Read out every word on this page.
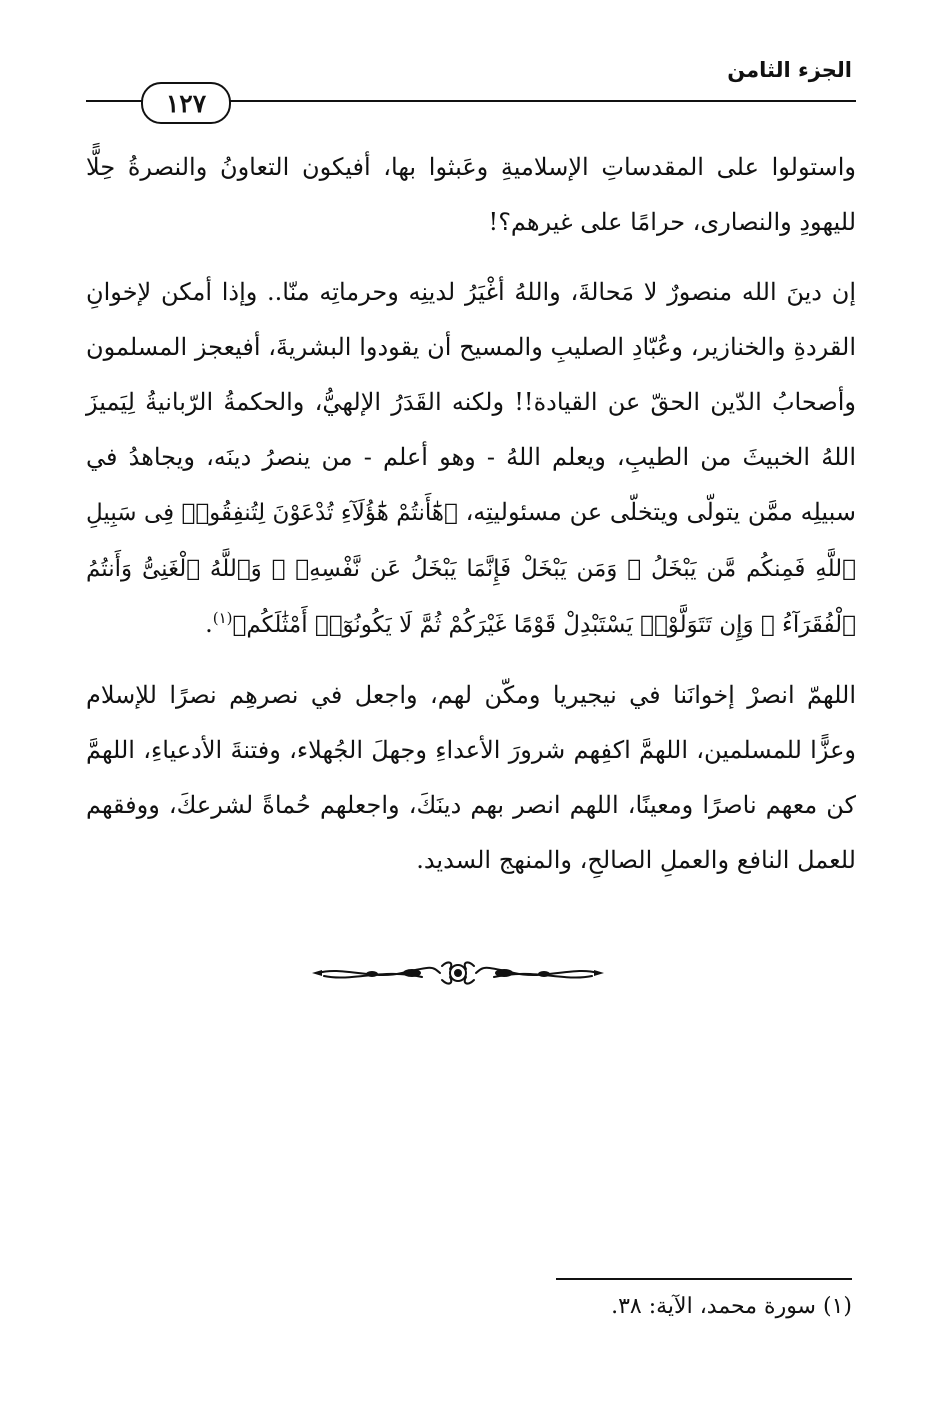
الجزء الثامن
١٢٧

واستولوا على المقدساتِ الإسلاميةِ وعَبثوا بها، أفيكون التعاونُ والنصرةُ حِلًّا لليهودِ والنصارى، حرامًا على غيرهم؟!

إن دينَ الله منصورٌ لا مَحالةَ، واللهُ أغْيَرُ لدينِه وحرماتِه منّا.. وإذا أمكن لإخوانِ القردةِ والخنازير، وعُبّادِ الصليبِ والمسيح أن يقودوا البشريةَ، أفيعجز المسلمون وأصحابُ الدّين الحقّ عن القيادة!! ولكنه القَدَرُ الإلهيُّ، والحكمةُ الرّبانيةُ لِيَميزَ اللهُ الخبيثَ من الطيبِ، ويعلم اللهُ - وهو أعلم - من ينصرُ دينَه، ويجاهدُ في سبيلِه ممَّن يتولّى ويتخلّى عن مسئوليتِه، ﴿هَٰٓأَنتُمْ هَٰٓؤُلَآءِ تُدْعَوْنَ لِتُنفِقُوا۟ فِى سَبِيلِ ٱللَّهِ فَمِنكُم مَّن يَبْخَلُ ۖ وَمَن يَبْخَلْ فَإِنَّمَا يَبْخَلُ عَن نَّفْسِهِۦ ۚ وَٱللَّهُ ٱلْغَنِىُّ وَأَنتُمُ ٱلْفُقَرَآءُ ۚ وَإِن تَتَوَلَّوْا۟ يَسْتَبْدِلْ قَوْمًا غَيْرَكُمْ ثُمَّ لَا يَكُونُوٓا۟ أَمْثَٰلَكُم﴾$^{(١)}$.

اللهمّ انصرْ إخوانَنا في نيجيريا ومكّن لهم، واجعل في نصرهِم نصرًا للإسلام وعزًّا للمسلمين، اللهمَّ اكفِهم شرورَ الأعداءِ وجهلَ الجُهلاء، وفتنةَ الأدعياءِ، اللهمَّ كن معهم ناصرًا ومعينًا، اللهم انصر بهم دينَكَ، واجعلهم حُماةً لشرعكَ، ووفقهم للعمل النافع والعملِ الصالحِ، والمنهج السديد.

(١) سورة محمد، الآية: ٣٨.
